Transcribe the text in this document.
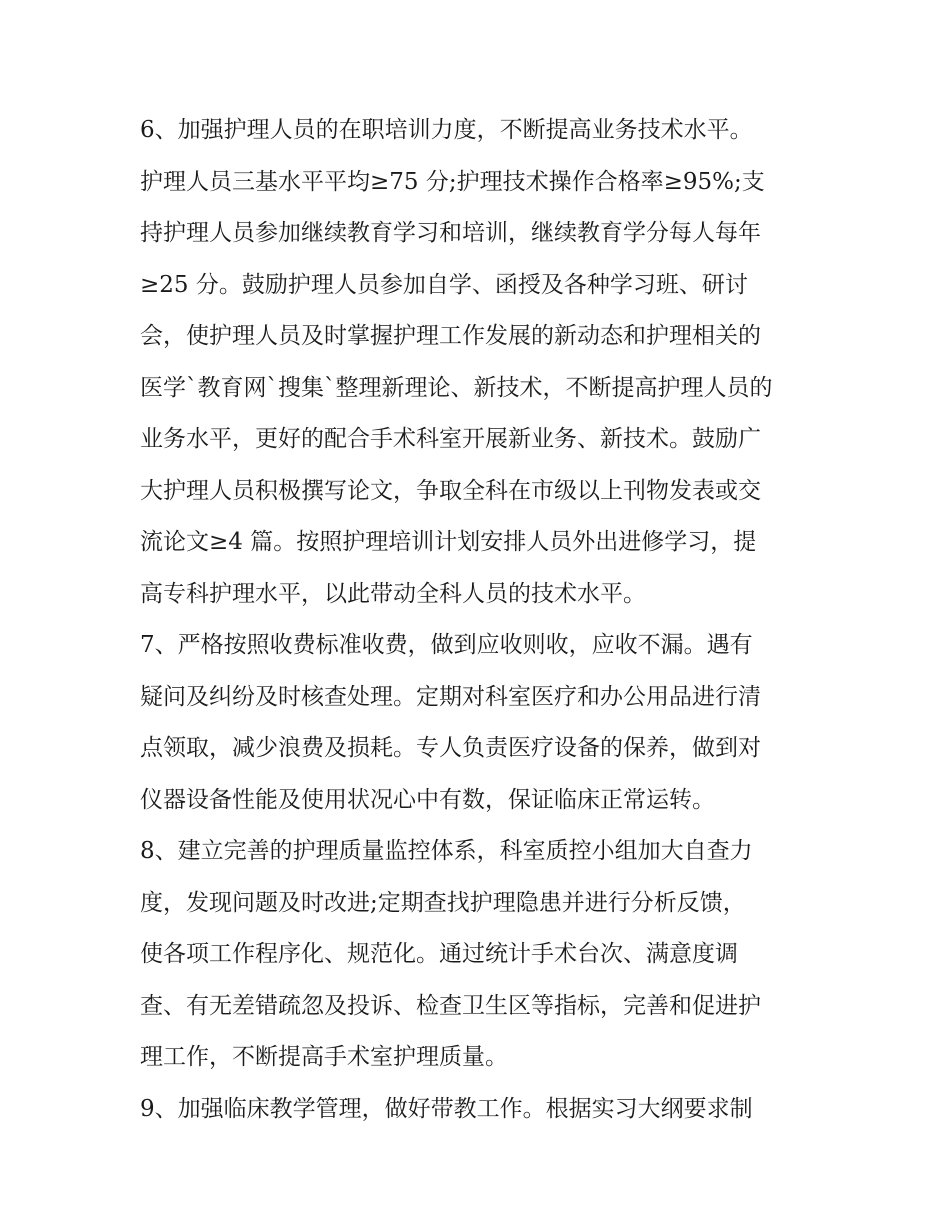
6、加强护理人员的在职培训力度，不断提高业务技术水平。
护理人员三基水平平均≥75 分;护理技术操作合格率≥95%;支
持护理人员参加继续教育学习和培训，继续教育学分每人每年
≥25 分。鼓励护理人员参加自学、函授及各种学习班、研讨
会，使护理人员及时掌握护理工作发展的新动态和护理相关的
医学`教育网`搜集`整理新理论、新技术，不断提高护理人员的
业务水平，更好的配合手术科室开展新业务、新技术。鼓励广
大护理人员积极撰写论文，争取全科在市级以上刊物发表或交
流论文≥4 篇。按照护理培训计划安排人员外出进修学习，提
高专科护理水平，以此带动全科人员的技术水平。
7、严格按照收费标准收费，做到应收则收，应收不漏。遇有
疑问及纠纷及时核查处理。定期对科室医疗和办公用品进行清
点领取，减少浪费及损耗。专人负责医疗设备的保养，做到对
仪器设备性能及使用状况心中有数，保证临床正常运转。
8、建立完善的护理质量监控体系，科室质控小组加大自查力
度，发现问题及时改进;定期查找护理隐患并进行分析反馈，
使各项工作程序化、规范化。通过统计手术台次、满意度调
查、有无差错疏忽及投诉、检查卫生区等指标，完善和促进护
理工作，不断提高手术室护理质量。
9、加强临床教学管理，做好带教工作。根据实习大纲要求制
